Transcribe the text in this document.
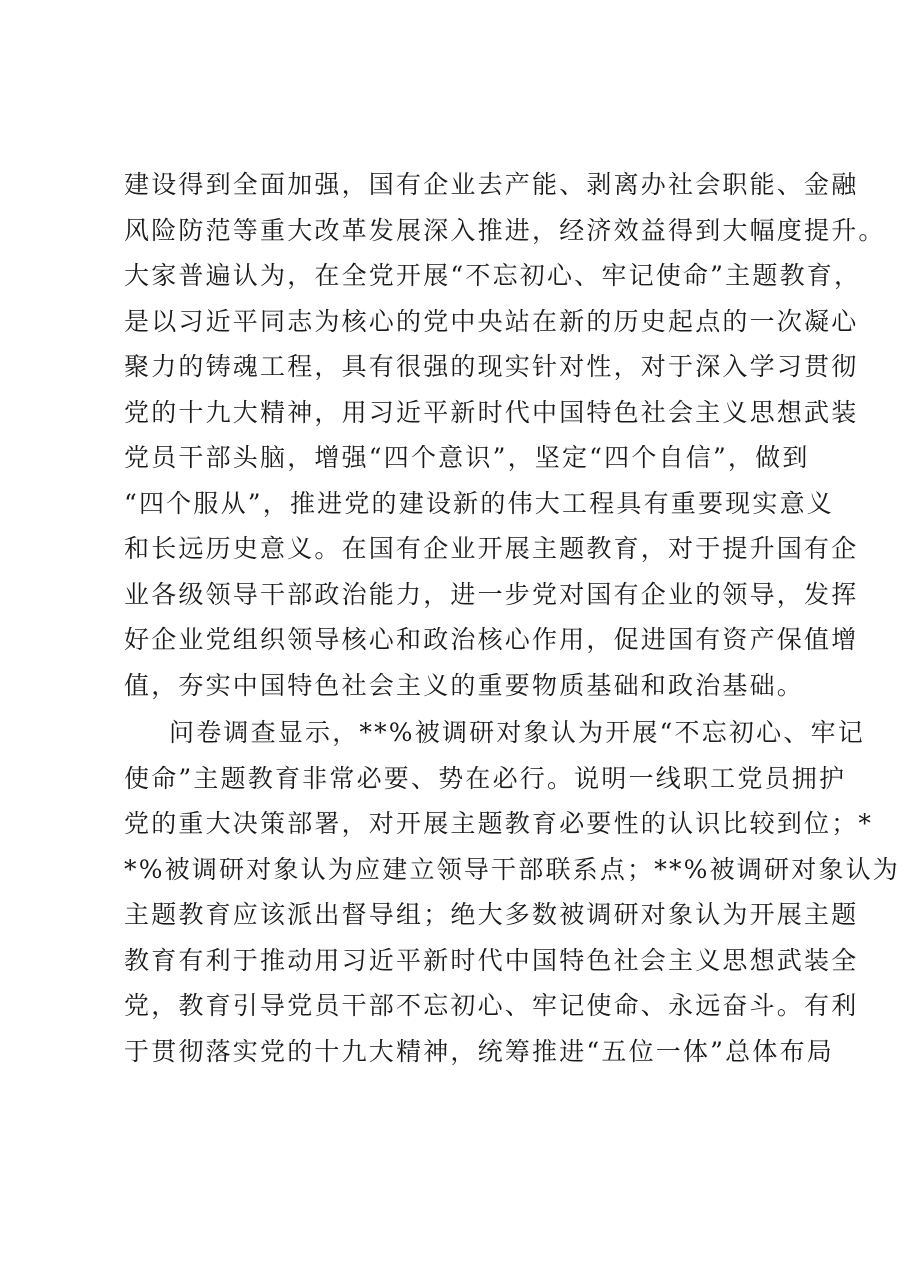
建设得到全面加强，国有企业去产能、剥离办社会职能、金融
风险防范等重大改革发展深入推进，经济效益得到大幅度提升。
大家普遍认为，在全党开展“不忘初心、牢记使命”主题教育，
是以习近平同志为核心的党中央站在新的历史起点的一次凝心
聚力的铸魂工程，具有很强的现实针对性，对于深入学习贯彻
党的十九大精神，用习近平新时代中国特色社会主义思想武装
党员干部头脑，增强“四个意识”，坚定“四个自信”，做到
“四个服从”，推进党的建设新的伟大工程具有重要现实意义
和长远历史意义。在国有企业开展主题教育，对于提升国有企
业各级领导干部政治能力，进一步党对国有企业的领导，发挥
好企业党组织领导核心和政治核心作用，促进国有资产保值增
值，夯实中国特色社会主义的重要物质基础和政治基础。
问卷调查显示，**%被调研对象认为开展“不忘初心、牢记
使命”主题教育非常必要、势在必行。说明一线职工党员拥护
党的重大决策部署，对开展主题教育必要性的认识比较到位；*
*%被调研对象认为应建立领导干部联系点；**%被调研对象认为
主题教育应该派出督导组；绝大多数被调研对象认为开展主题
教育有利于推动用习近平新时代中国特色社会主义思想武装全
党，教育引导党员干部不忘初心、牢记使命、永远奋斗。有利
于贯彻落实党的十九大精神，统筹推进“五位一体”总体布局
